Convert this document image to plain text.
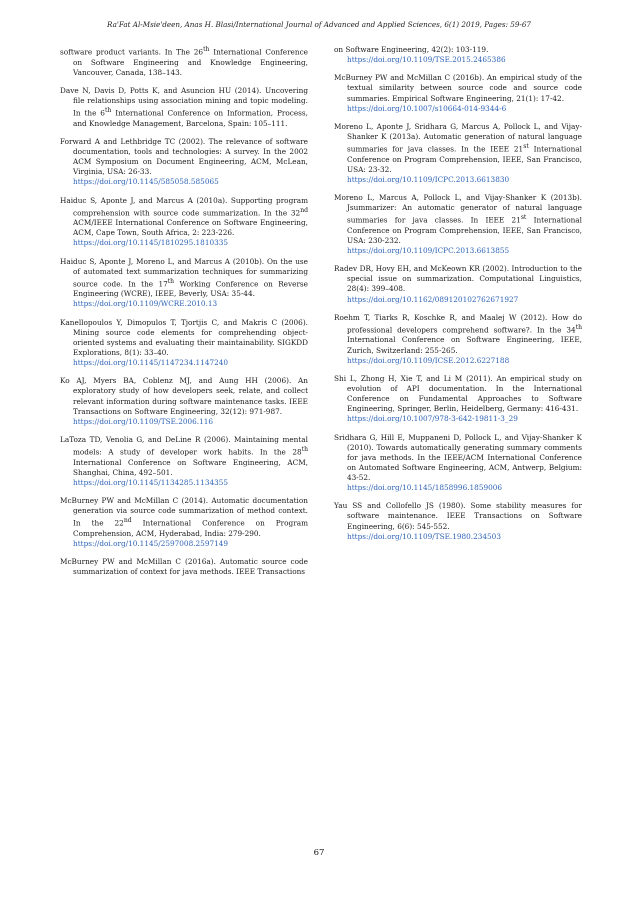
Ra'Fat Al-Msie'deen, Anas H. Blasi/International Journal of Advanced and Applied Sciences, 6(1) 2019, Pages: 59-67

software product variants. In The 26th International Conference on Software Engineering and Knowledge Engineering, Vancouver, Canada, 138–143.

Dave N, Davis D, Potts K, and Asuncion HU (2014). Uncovering file relationships using association mining and topic modeling. In the 6th International Conference on Information, Process, and Knowledge Management, Barcelona, Spain: 105–111.

Forward A and Lethbridge TC (2002). The relevance of software documentation, tools and technologies: A survey. In the 2002 ACM Symposium on Document Engineering, ACM, McLean, Virginia, USA: 26-33.
https://doi.org/10.1145/585058.585065

Haiduc S, Aponte J, and Marcus A (2010a). Supporting program comprehension with source code summarization. In the 32nd ACM/IEEE International Conference on Software Engineering, ACM, Cape Town, South Africa, 2: 223-226.
https://doi.org/10.1145/1810295.1810335

Haiduc S, Aponte J, Moreno L, and Marcus A (2010b). On the use of automated text summarization techniques for summarizing source code. In the 17th Working Conference on Reverse Engineering (WCRE), IEEE, Beverly, USA: 35-44.
https://doi.org/10.1109/WCRE.2010.13

Kanellopoulos Y, Dimopulos T, Tjortjis C, and Makris C (2006). Mining source code elements for comprehending object-oriented systems and evaluating their maintainability. SIGKDD Explorations, 8(1): 33–40.
https://doi.org/10.1145/1147234.1147240

Ko AJ, Myers BA, Coblenz MJ, and Aung HH (2006). An exploratory study of how developers seek, relate, and collect relevant information during software maintenance tasks. IEEE Transactions on Software Engineering, 32(12): 971-987.
https://doi.org/10.1109/TSE.2006.116

LaToza TD, Venolia G, and DeLine R (2006). Maintaining mental models: A study of developer work habits. In the 28th International Conference on Software Engineering, ACM, Shanghai, China, 492–501.
https://doi.org/10.1145/1134285.1134355

McBurney PW and McMillan C (2014). Automatic documentation generation via source code summarization of method context. In the 22nd International Conference on Program Comprehension, ACM, Hyderabad, India: 279-290.
https://doi.org/10.1145/2597008.2597149

McBurney PW and McMillan C (2016a). Automatic source code summarization of context for java methods. IEEE Transactions

on Software Engineering, 42(2): 103-119.
https://doi.org/10.1109/TSE.2015.2465386

McBurney PW and McMillan C (2016b). An empirical study of the textual similarity between source code and source code summaries. Empirical Software Engineering, 21(1): 17-42.
https://doi.org/10.1007/s10664-014-9344-6

Moreno L, Aponte J, Sridhara G, Marcus A, Pollock L, and Vijay-Shanker K (2013a). Automatic generation of natural language summaries for java classes. In the IEEE 21st International Conference on Program Comprehension, IEEE, San Francisco, USA: 23-32.
https://doi.org/10.1109/ICPC.2013.6613830

Moreno L, Marcus A, Pollock L, and Vijay-Shanker K (2013b). Jsummarizer: An automatic generator of natural language summaries for java classes. In IEEE 21st International Conference on Program Comprehension, IEEE, San Francisco, USA: 230-232.
https://doi.org/10.1109/ICPC.2013.6613855

Radev DR, Hovy EH, and McKeown KR (2002). Introduction to the special issue on summarization. Computational Linguistics, 28(4): 399–408.
https://doi.org/10.1162/089120102762671927

Roehm T, Tiarks R, Koschke R, and Maalej W (2012). How do professional developers comprehend software?. In the 34th International Conference on Software Engineering, IEEE, Zurich, Switzerland: 255-265.
https://doi.org/10.1109/ICSE.2012.6227188

Shi L, Zhong H, Xie T, and Li M (2011). An empirical study on evolution of API documentation. In the International Conference on Fundamental Approaches to Software Engineering, Springer, Berlin, Heidelberg, Germany: 416-431.
https://doi.org/10.1007/978-3-642-19811-3_29

Sridhara G, Hill E, Muppaneni D, Pollock L, and Vijay-Shanker K (2010). Towards automatically generating summary comments for java methods. In the IEEE/ACM International Conference on Automated Software Engineering, ACM, Antwerp, Belgium: 43-52.
https://doi.org/10.1145/1858996.1859006

Yau SS and Collofello JS (1980). Some stability measures for software maintenance. IEEE Transactions on Software Engineering, 6(6): 545-552.
https://doi.org/10.1109/TSE.1980.234503

67
